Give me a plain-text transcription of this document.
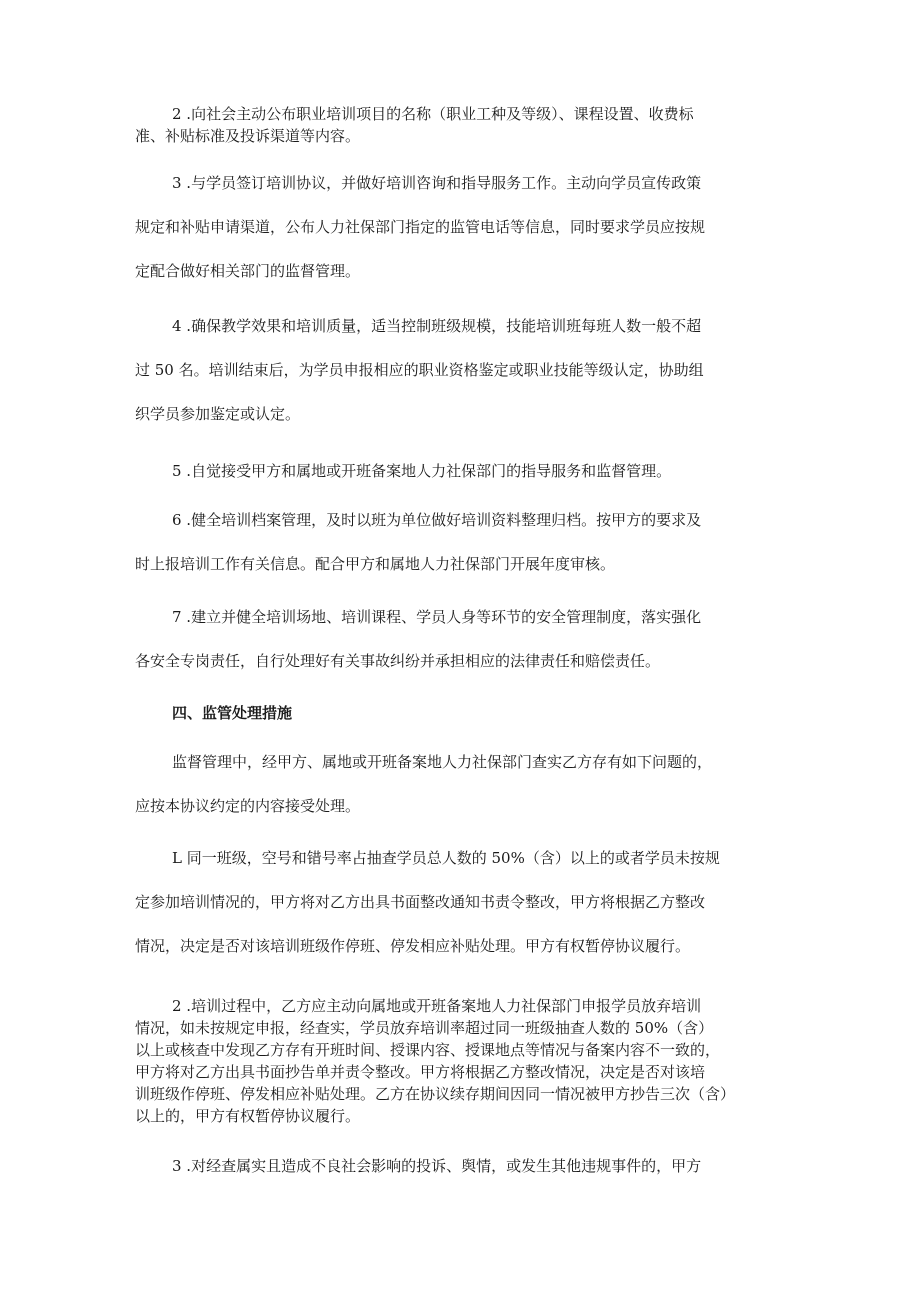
2 .向社会主动公布职业培训项目的名称（职业工种及等级）、课程设置、收费标
准、补贴标准及投诉渠道等内容。
3 .与学员签订培训协议，并做好培训咨询和指导服务工作。主动向学员宣传政策
规定和补贴申请渠道，公布人力社保部门指定的监管电话等信息，同时要求学员应按规
定配合做好相关部门的监督管理。
4 .确保教学效果和培训质量，适当控制班级规模，技能培训班每班人数一般不超
过 50 名。培训结束后，为学员申报相应的职业资格鉴定或职业技能等级认定，协助组
织学员参加鉴定或认定。
5 .自觉接受甲方和属地或开班备案地人力社保部门的指导服务和监督管理。
6 .健全培训档案管理，及时以班为单位做好培训资料整理归档。按甲方的要求及
时上报培训工作有关信息。配合甲方和属地人力社保部门开展年度审核。
7 .建立并健全培训场地、培训课程、学员人身等环节的安全管理制度，落实强化
各安全专岗责任，自行处理好有关事故纠纷并承担相应的法律责任和赔偿责任。
四、监管处理措施
监督管理中，经甲方、属地或开班备案地人力社保部门查实乙方存有如下问题的，
应按本协议约定的内容接受处理。
L 同一班级，空号和错号率占抽查学员总人数的 50%（含）以上的或者学员未按规
定参加培训情况的，甲方将对乙方出具书面整改通知书责令整改，甲方将根据乙方整改
情况，决定是否对该培训班级作停班、停发相应补贴处理。甲方有权暂停协议履行。
2 .培训过程中，乙方应主动向属地或开班备案地人力社保部门申报学员放弃培训
情况，如未按规定申报，经查实，学员放弃培训率超过同一班级抽查人数的 50%（含）
以上或核查中发现乙方存有开班时间、授课内容、授课地点等情况与备案内容不一致的，
甲方将对乙方出具书面抄告单并责令整改。甲方将根据乙方整改情况，决定是否对该培
训班级作停班、停发相应补贴处理。乙方在协议续存期间因同一情况被甲方抄告三次（含）
以上的，甲方有权暂停协议履行。
3 .对经查属实且造成不良社会影响的投诉、舆情，或发生其他违规事件的，甲方
